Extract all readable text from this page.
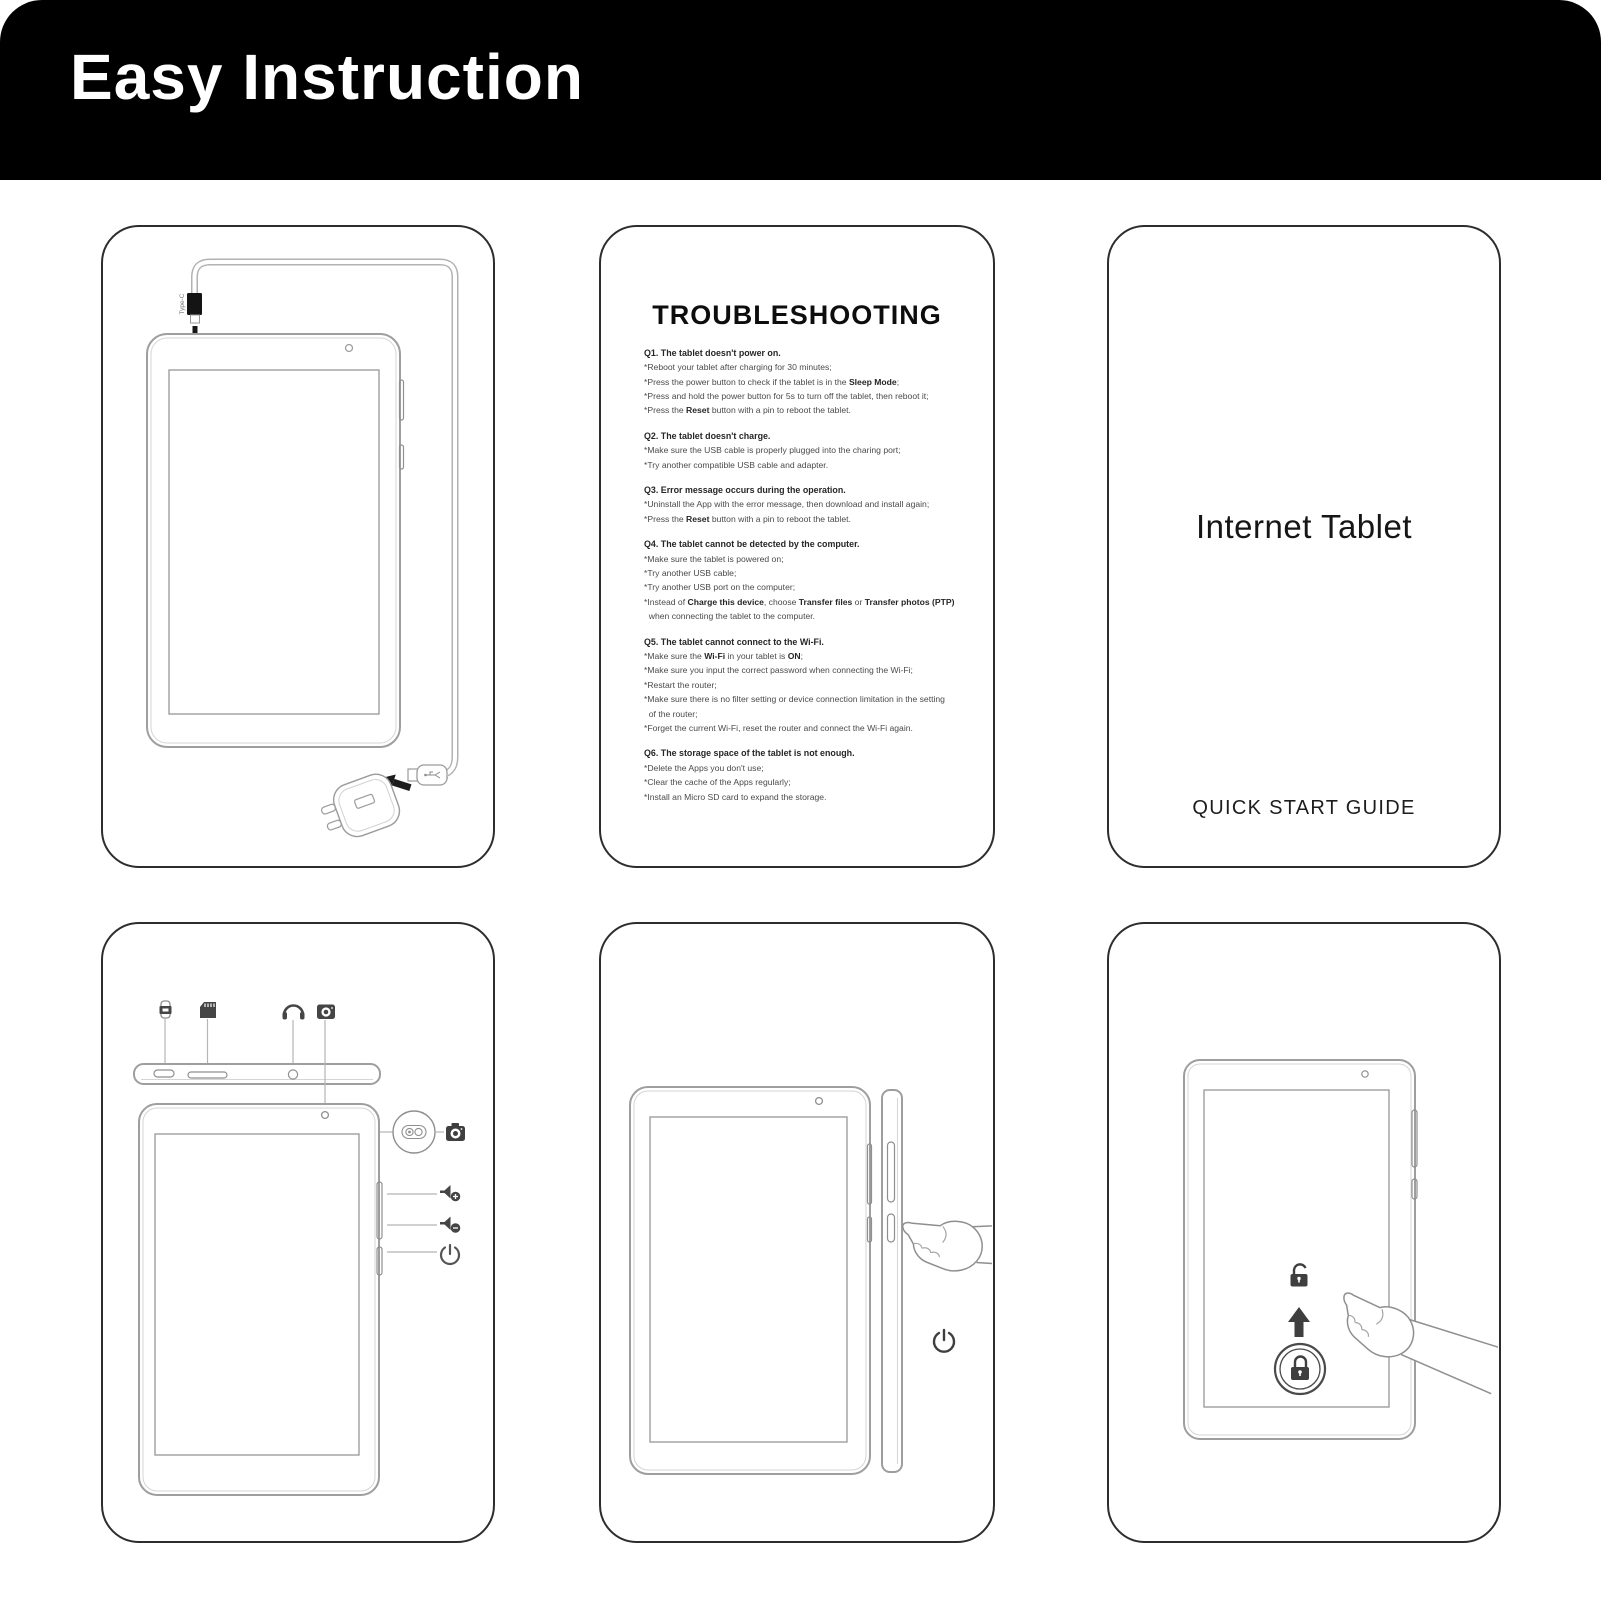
Easy Instruction
Type-C	TROUBLESHOOTING
Q1. The tablet doesn't power on.
*Reboot your tablet after charging for 30 minutes;
*Press the power button to check if the tablet is in the Sleep Mode;
*Press and hold the power button for 5s to turn off the tablet, then reboot it;
*Press the Reset button with a pin to reboot the tablet.
Q2. The tablet doesn't charge.
*Make sure the USB cable is properly plugged into the charing port;
*Try another compatible USB cable and adapter.
Q3. Error message occurs during the operation.
*Uninstall the App with the error message, then download and install again;
*Press the Reset button with a pin to reboot the tablet.
Q4. The tablet cannot be detected by the computer.
*Make sure the tablet is powered on;
*Try another USB cable;
*Try another USB port on the computer;
*Instead of Charge this device, choose Transfer files or Transfer photos (PTP)
when connecting the tablet to the computer.
Q5. The tablet cannot connect to the Wi-Fi.
*Make sure the Wi-Fi in your tablet is ON;
*Make sure you input the correct password when connecting the Wi-Fi;
*Restart the router;
*Make sure there is no filter setting or device connection limitation in the setting
of the router;
*Forget the current Wi-Fi, reset the router and connect the Wi-Fi again.
Q6. The storage space of the tablet is not enough.
*Delete the Apps you don't use;
*Clear the cache of the Apps regularly;
*Install an Micro SD card to expand the storage.
Internet Tablet
QUICK START GUIDE
